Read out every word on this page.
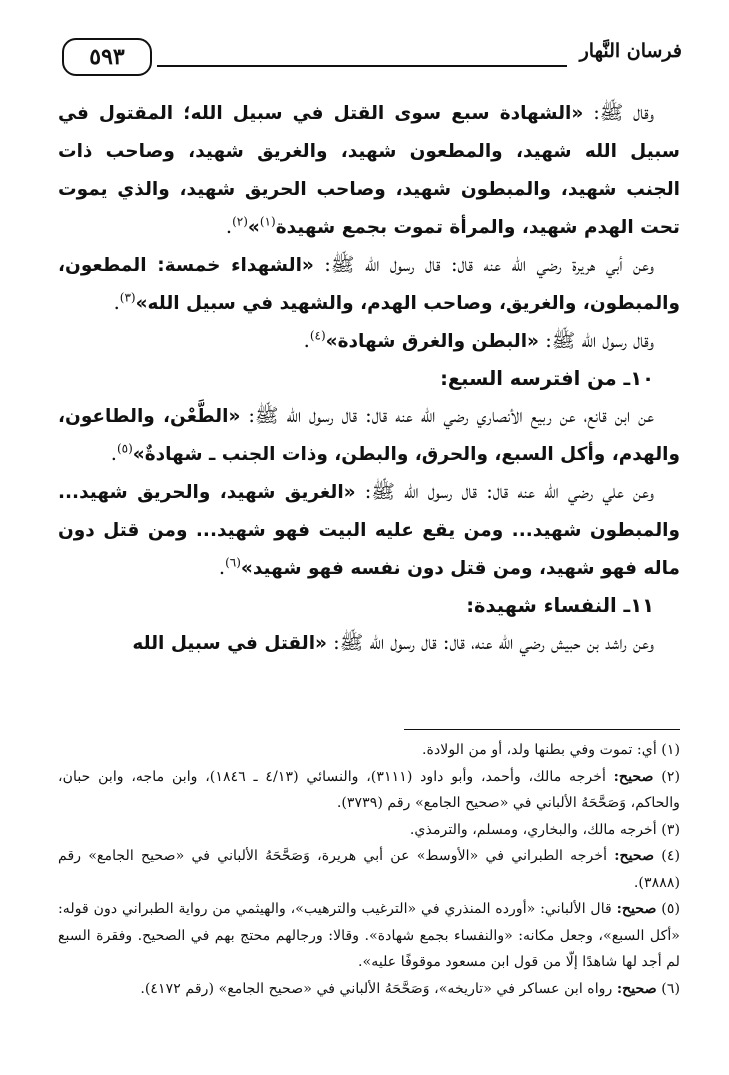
٥٩٣	فرسان النَّهار

وقال ﷺ: «الشهادة سبع سوى القتل في سبيل الله؛ المقتول في سبيل الله شهيد، والمطعون شهيد، والغريق شهيد، وصاحب ذات الجنب شهيد، والمبطون شهيد، وصاحب الحريق شهيد، والذي يموت تحت الهدم شهيد، والمرأة تموت بجمع شهيدة$^{(١)}$»$^{(٢)}$.

وعن أبي هريرة رضي الله عنه قال: قال رسول الله ﷺ: «الشهداء خمسة: المطعون، والمبطون، والغريق، وصاحب الهدم، والشهيد في سبيل الله»$^{(٣)}$.

وقال رسول الله ﷺ: «البطن والغرق شهادة»$^{(٤)}$.

١٠ـ من افترسه السبع:

عن ابن قانع، عن ربيع الأنصاري رضي الله عنه قال: قال رسول الله ﷺ: «الطَّعْن، والطاعون، والهدم، وأكل السبع، والحرق، والبطن، وذات الجنب ـ شهادةٌ»$^{(٥)}$.

وعن علي رضي الله عنه قال: قال رسول الله ﷺ: «الغريق شهيد، والحريق شهيد... والمبطون شهيد... ومن يقع عليه البيت فهو شهيد... ومن قتل دون ماله فهو شهيد، ومن قتل دون نفسه فهو شهيد»$^{(٦)}$.

١١ـ النفساء شهيدة:

وعن راشد بن حبيش رضي الله عنه، قال: قال رسول الله ﷺ: «القتل في سبيل الله

(١) أي: تموت وفي بطنها ولد، أو من الولادة.

(٢) صحيح: أخرجه مالك، وأحمد، وأبو داود (٣١١١)، والنسائي (٤/١٣ ـ ١٨٤٦)، وابن ماجه، وابن حبان، والحاكم، وَصَحَّحَهُ الألباني في «صحيح الجامع» رقم (٣٧٣٩).

(٣) أخرجه مالك، والبخاري، ومسلم، والترمذي.

(٤) صحيح: أخرجه الطبراني في «الأوسط» عن أبي هريرة، وَصَحَّحَهُ الألباني في «صحيح الجامع» رقم (٣٨٨٨).

(٥) صحيح: قال الألباني: «أورده المنذري في «الترغيب والترهيب»، والهيثمي من رواية الطبراني دون قوله: «أكل السبع»، وجعل مكانه: «والنفساء بجمع شهادة». وقالا: ورجالهم محتج بهم في الصحيح. وفقرة السبع لم أجد لها شاهدًا إلّا من قول ابن مسعود موقوفًا عليه».

(٦) صحيح: رواه ابن عساكر في «تاريخه»، وَصَحَّحَهُ الألباني في «صحيح الجامع» (رقم ٤١٧٢).
